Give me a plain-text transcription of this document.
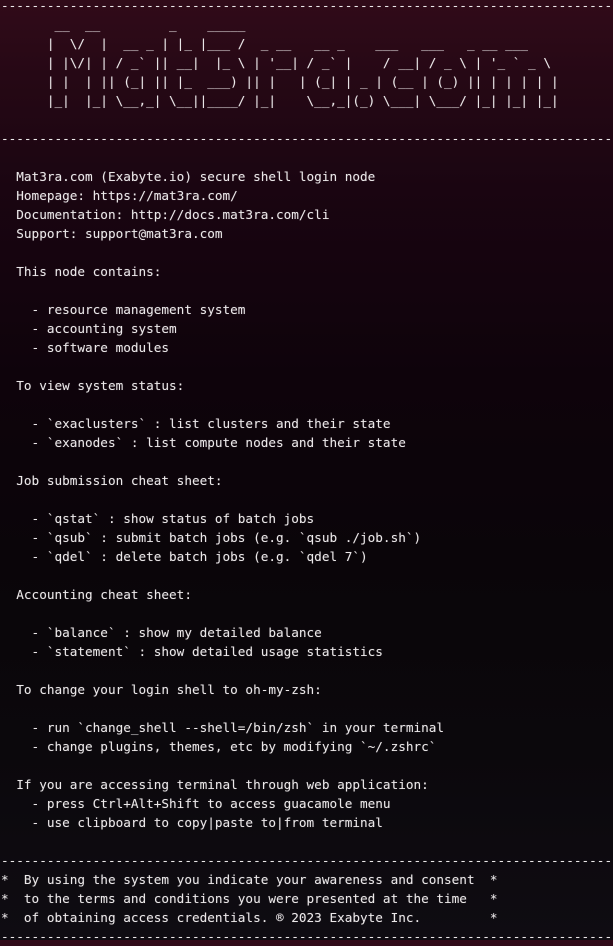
--------------------------------------------------------------------------------
__  __         _    _____
|  \/  |  __ _ | |_ |___ /  _ __   __ _    ___   ___   _ __ ___
| |\/| | / _` || __|  |_ \ | '__| / _` |    / __| / _ \ | '_ ` _ \
| |  | || (_| || |_  ___) || |   | (_| | _ | (__ | (_) || | | | | |
|_|  |_| \__,_| \__||____/ |_|    \__,_|(_) \___| \___/ |_| |_| |_|
--------------------------------------------------------------------------------
Mat3ra.com (Exabyte.io) secure shell login node
Homepage: https://mat3ra.com/
Documentation: http://docs.mat3ra.com/cli
Support: support@mat3ra.com
This node contains:
- resource management system
- accounting system
- software modules
To view system status:
- `exaclusters` : list clusters and their state
- `exanodes` : list compute nodes and their state
Job submission cheat sheet:
- `qstat` : show status of batch jobs
- `qsub` : submit batch jobs (e.g. `qsub ./job.sh`)
- `qdel` : delete batch jobs (e.g. `qdel 7`)
Accounting cheat sheet:
- `balance` : show my detailed balance
- `statement` : show detailed usage statistics
To change your login shell to oh-my-zsh:
- run `change_shell --shell=/bin/zsh` in your terminal
- change plugins, themes, etc by modifying `~/.zshrc`
If you are accessing terminal through web application:
- press Ctrl+Alt+Shift to access guacamole menu
- use clipboard to copy|paste to|from terminal
--------------------------------------------------------------------------------
*  By using the system you indicate your awareness and consent  *
*  to the terms and conditions you were presented at the time   *
*  of obtaining access credentials. ® 2023 Exabyte Inc.         *
--------------------------------------------------------------------------------
